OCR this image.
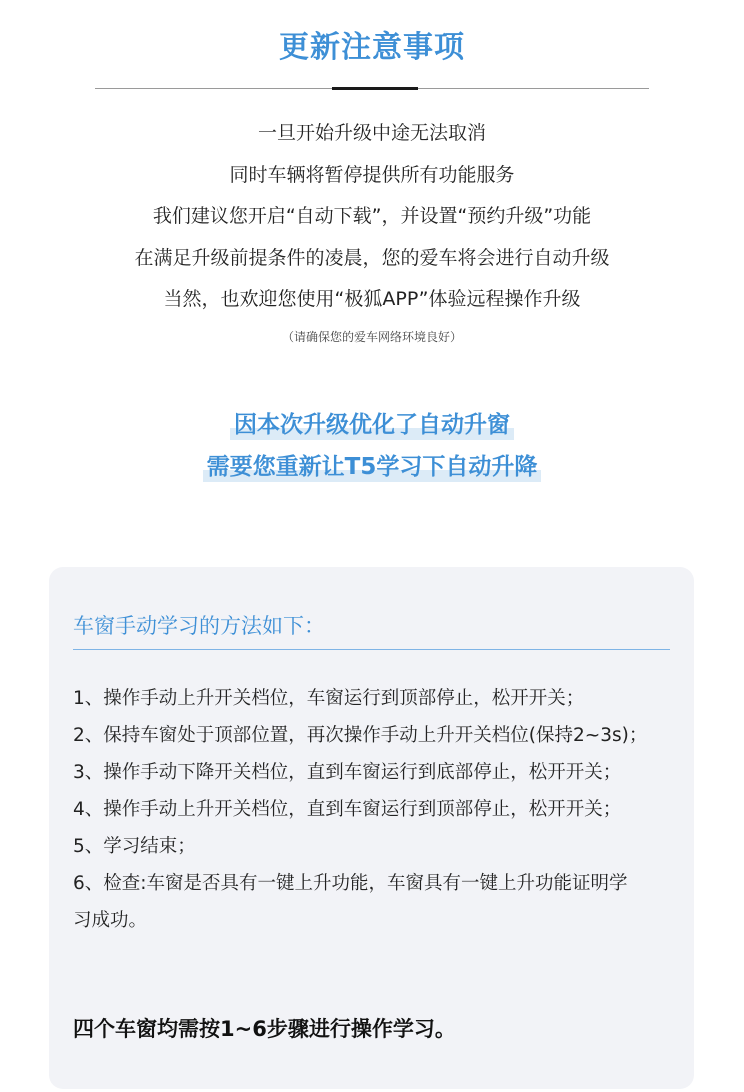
更新注意事项
一旦开始升级中途无法取消
同时车辆将暂停提供所有功能服务
我们建议您开启“自动下载”，并设置“预约升级”功能
在满足升级前提条件的凌晨，您的爱车将会进行自动升级
当然，也欢迎您使用“极狐APP”体验远程操作升级
（请确保您的爱车网络环境良好）
因本次升级优化了自动升窗
需要您重新让T5学习下自动升降
车窗手动学习的方法如下：
1、操作手动上升开关档位，车窗运行到顶部停止，松开开关；
2、保持车窗处于顶部位置，再次操作手动上升开关档位(保持2~3s)；
3、操作手动下降开关档位，直到车窗运行到底部停止，松开开关；
4、操作手动上升开关档位，直到车窗运行到顶部停止，松开开关；
5、学习结束；
6、检查:车窗是否具有一键上升功能，车窗具有一键上升功能证明学
习成功。
四个车窗均需按1~6步骤进行操作学习。
